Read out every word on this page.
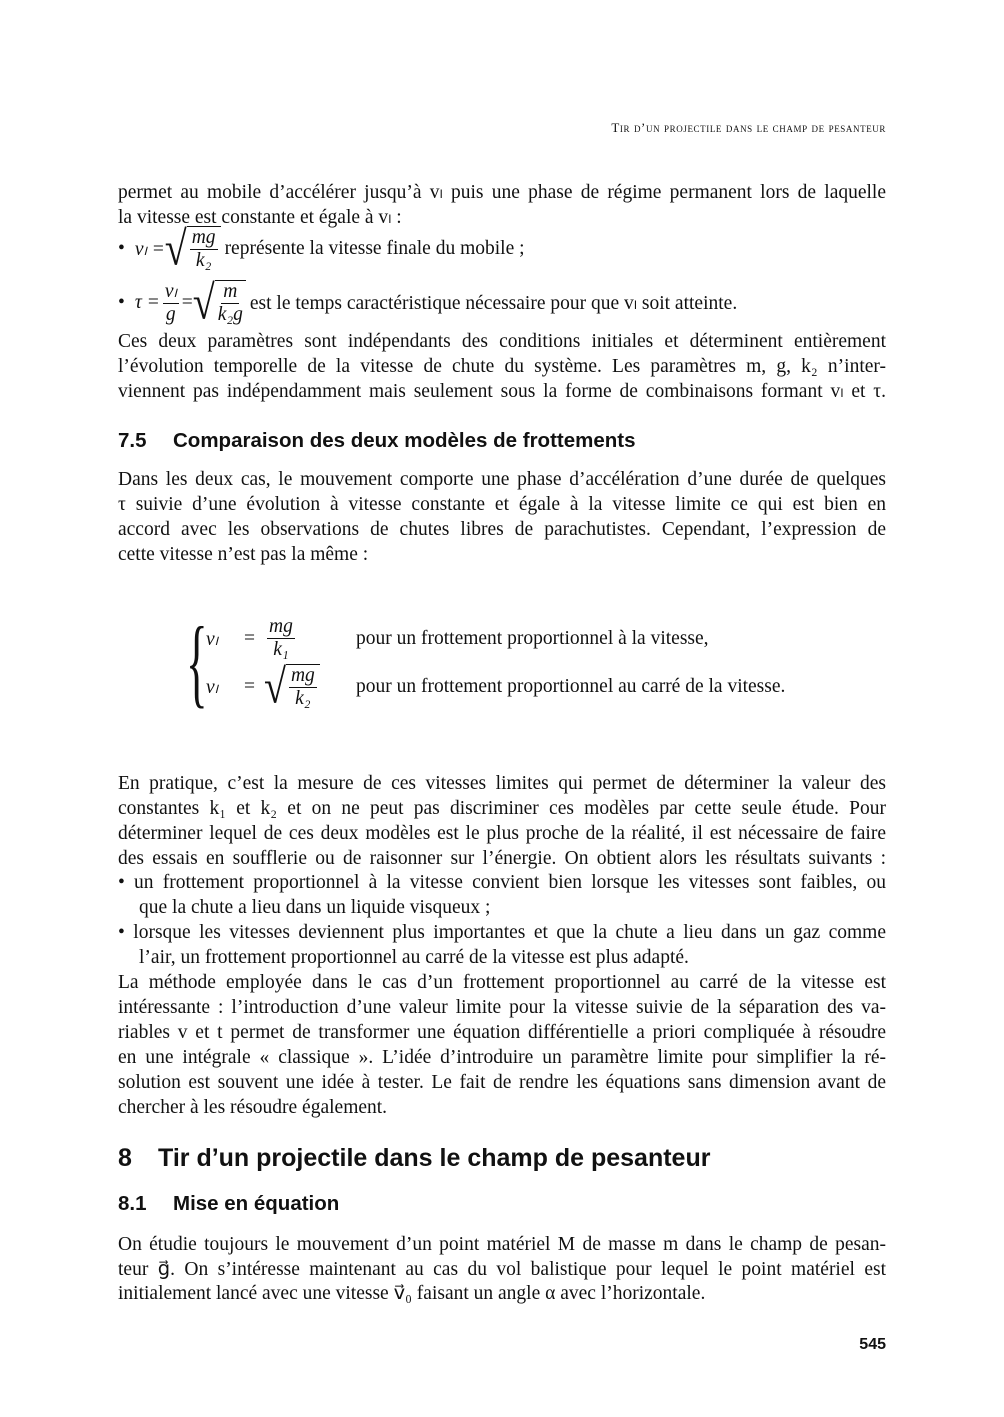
Tir d’un projectile dans le champ de pesanteur
permet au mobile d’accélérer jusqu’à vₗ puis une phase de régime permanent lors de laquelle
la vitesse est constante et égale à vₗ :
• vₗ = √ $\frac{mg}{\text{k₂}}$ représente la vitesse finale du mobile ;
• $\tau = \frac{\text{vₗ}}{g}$ = √ $\frac{m}{\text{k₂g}}$ est le temps caractéristique nécessaire pour que vₗ soit atteinte.
Ces deux paramètres sont indépendants des conditions initiales et déterminent entièrement
l’évolution temporelle de la vitesse de chute du système. Les paramètres m, g, k₂ n’inter-
viennent pas indépendamment mais seulement sous la forme de combinaisons formant vₗ et τ.
7.5 Comparaison des deux modèles de frottements
Dans les deux cas, le mouvement comporte une phase d’accélération d’une durée de quelques
τ suivie d’une évolution à vitesse constante et égale à la vitesse limite ce qui est bien en
accord avec les observations de chutes libres de parachutistes. Cependant, l’expression de
cette vitesse n’est pas la même :
{
vₗ	= $\frac{mg}{\text{k₁}}$	pour un frottement proportionnel à la vitesse,
vₗ	= √ $\frac{mg}{\text{k₂}}$ pour un frottement proportionnel au carré de la vitesse.
En pratique, c’est la mesure de ces vitesses limites qui permet de déterminer la valeur des
constantes k₁ et k₂ et on ne peut pas discriminer ces modèles par cette seule étude. Pour
déterminer lequel de ces deux modèles est le plus proche de la réalité, il est nécessaire de faire
des essais en soufflerie ou de raisonner sur l’énergie. On obtient alors les résultats suivants :
• un frottement proportionnel à la vitesse convient bien lorsque les vitesses sont faibles, ou
que la chute a lieu dans un liquide visqueux ;
• lorsque les vitesses deviennent plus importantes et que la chute a lieu dans un gaz comme
l’air, un frottement proportionnel au carré de la vitesse est plus adapté.
La méthode employée dans le cas d’un frottement proportionnel au carré de la vitesse est
intéressante : l’introduction d’une valeur limite pour la vitesse suivie de la séparation des va-
riables v et t permet de transformer une équation différentielle a priori compliquée à résoudre
en une intégrale « classique ». L’idée d’introduire un paramètre limite pour simplifier la ré-
solution est souvent une idée à tester. Le fait de rendre les équations sans dimension avant de
chercher à les résoudre également.
8 Tir d’un projectile dans le champ de pesanteur
8.1 Mise en équation
On étudie toujours le mouvement d’un point matériel M de masse m dans le champ de pesan-
teur g⃗. On s’intéresse maintenant au cas du vol balistique pour lequel le point matériel est
initialement lancé avec une vitesse v⃗₀ faisant un angle α avec l’horizontale.
545
